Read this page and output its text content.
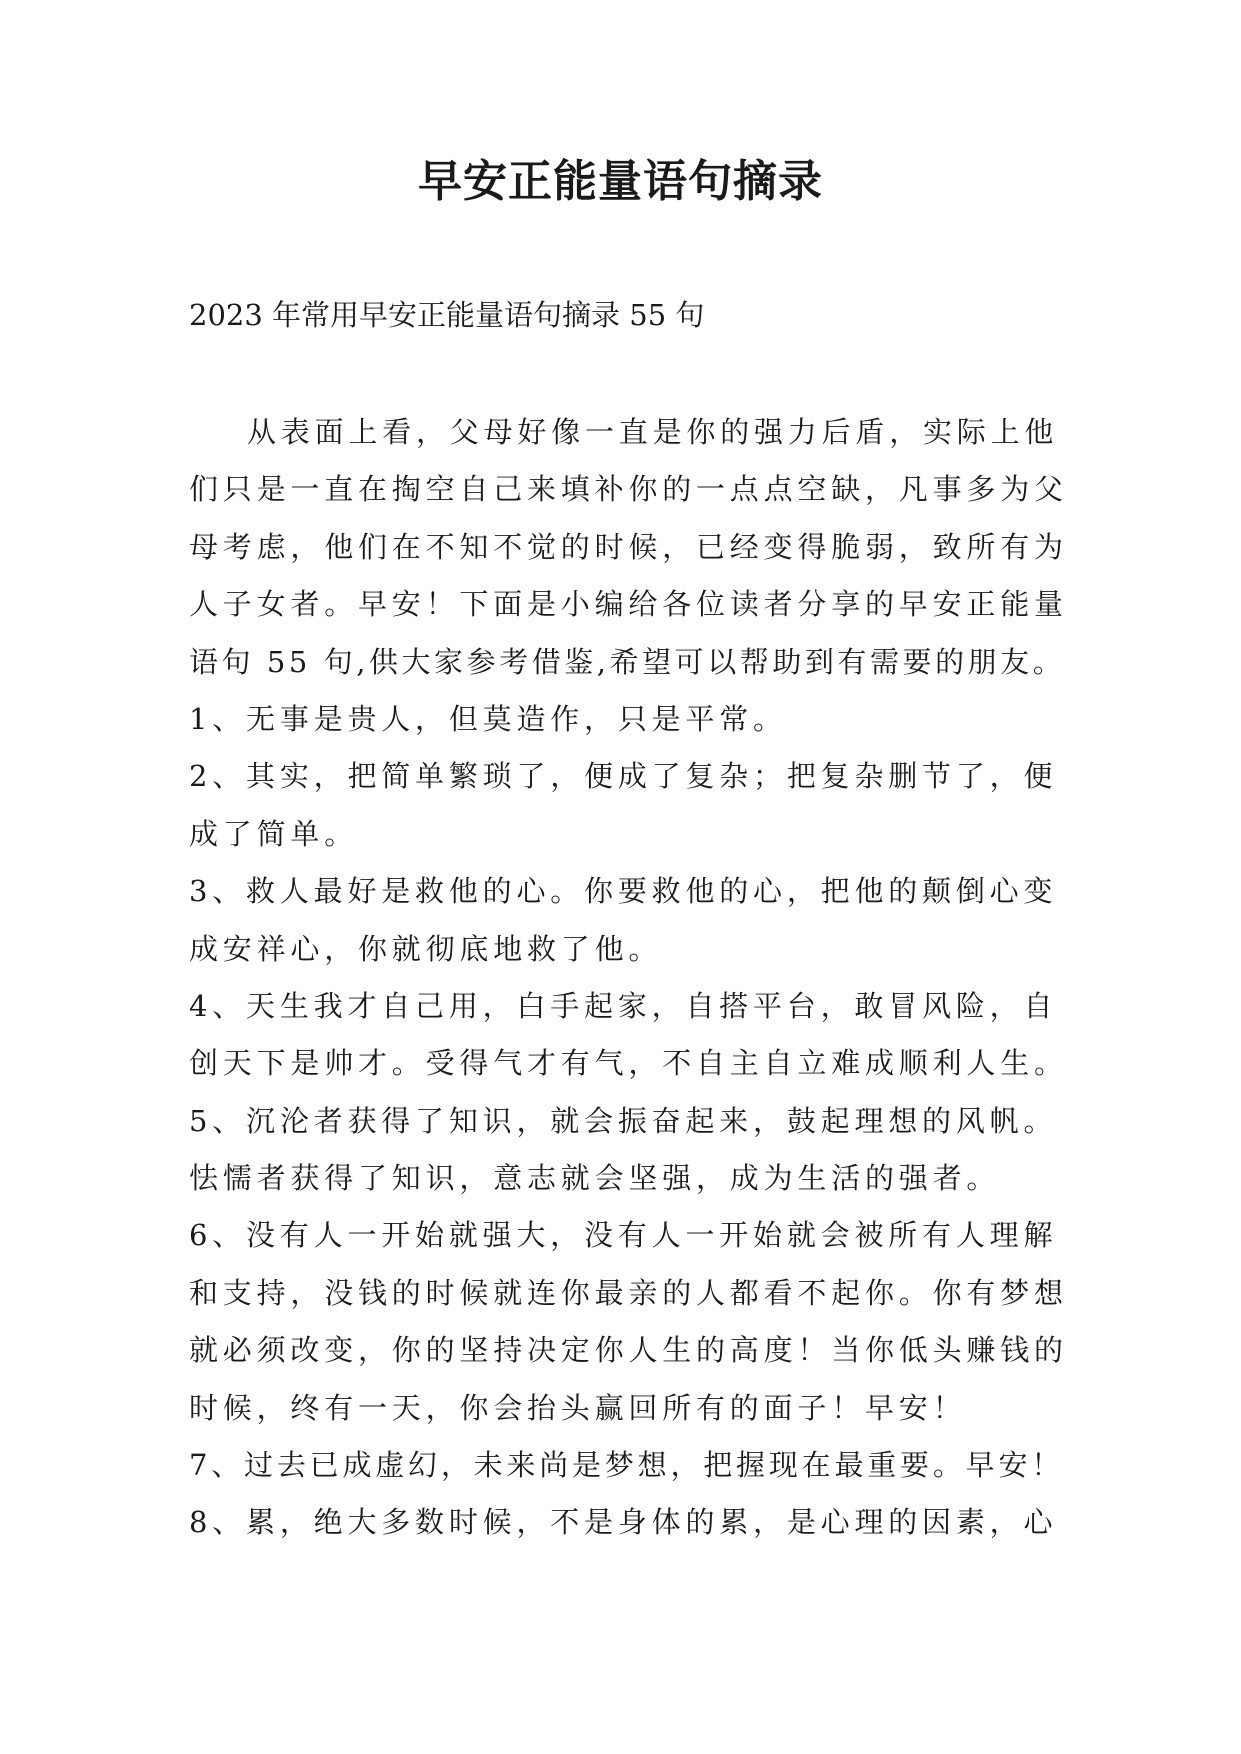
早安正能量语句摘录
2023 年常用早安正能量语句摘录 55 句
从表面上看，父母好像一直是你的强力后盾，实际上他
们只是一直在掏空自己来填补你的一点点空缺，凡事多为父
母考虑，他们在不知不觉的时候，已经变得脆弱，致所有为
人子女者。早安！下面是小编给各位读者分享的早安正能量
语句 55 句,供大家参考借鉴,希望可以帮助到有需要的朋友。
1、无事是贵人，但莫造作，只是平常。
2、其实，把简单繁琐了，便成了复杂；把复杂删节了，便
成了简单。
3、救人最好是救他的心。你要救他的心，把他的颠倒心变
成安祥心，你就彻底地救了他。
4、天生我才自己用，白手起家，自搭平台，敢冒风险，自
创天下是帅才。受得气才有气，不自主自立难成顺利人生。
5、沉沦者获得了知识，就会振奋起来，鼓起理想的风帆。
怯懦者获得了知识，意志就会坚强，成为生活的强者。
6、没有人一开始就强大，没有人一开始就会被所有人理解
和支持，没钱的时候就连你最亲的人都看不起你。你有梦想
就必须改变，你的坚持决定你人生的高度！当你低头赚钱的
时候，终有一天，你会抬头赢回所有的面子！早安！
7、过去已成虚幻，未来尚是梦想，把握现在最重要。早安！
8、累，绝大多数时候，不是身体的累，是心理的因素，心
